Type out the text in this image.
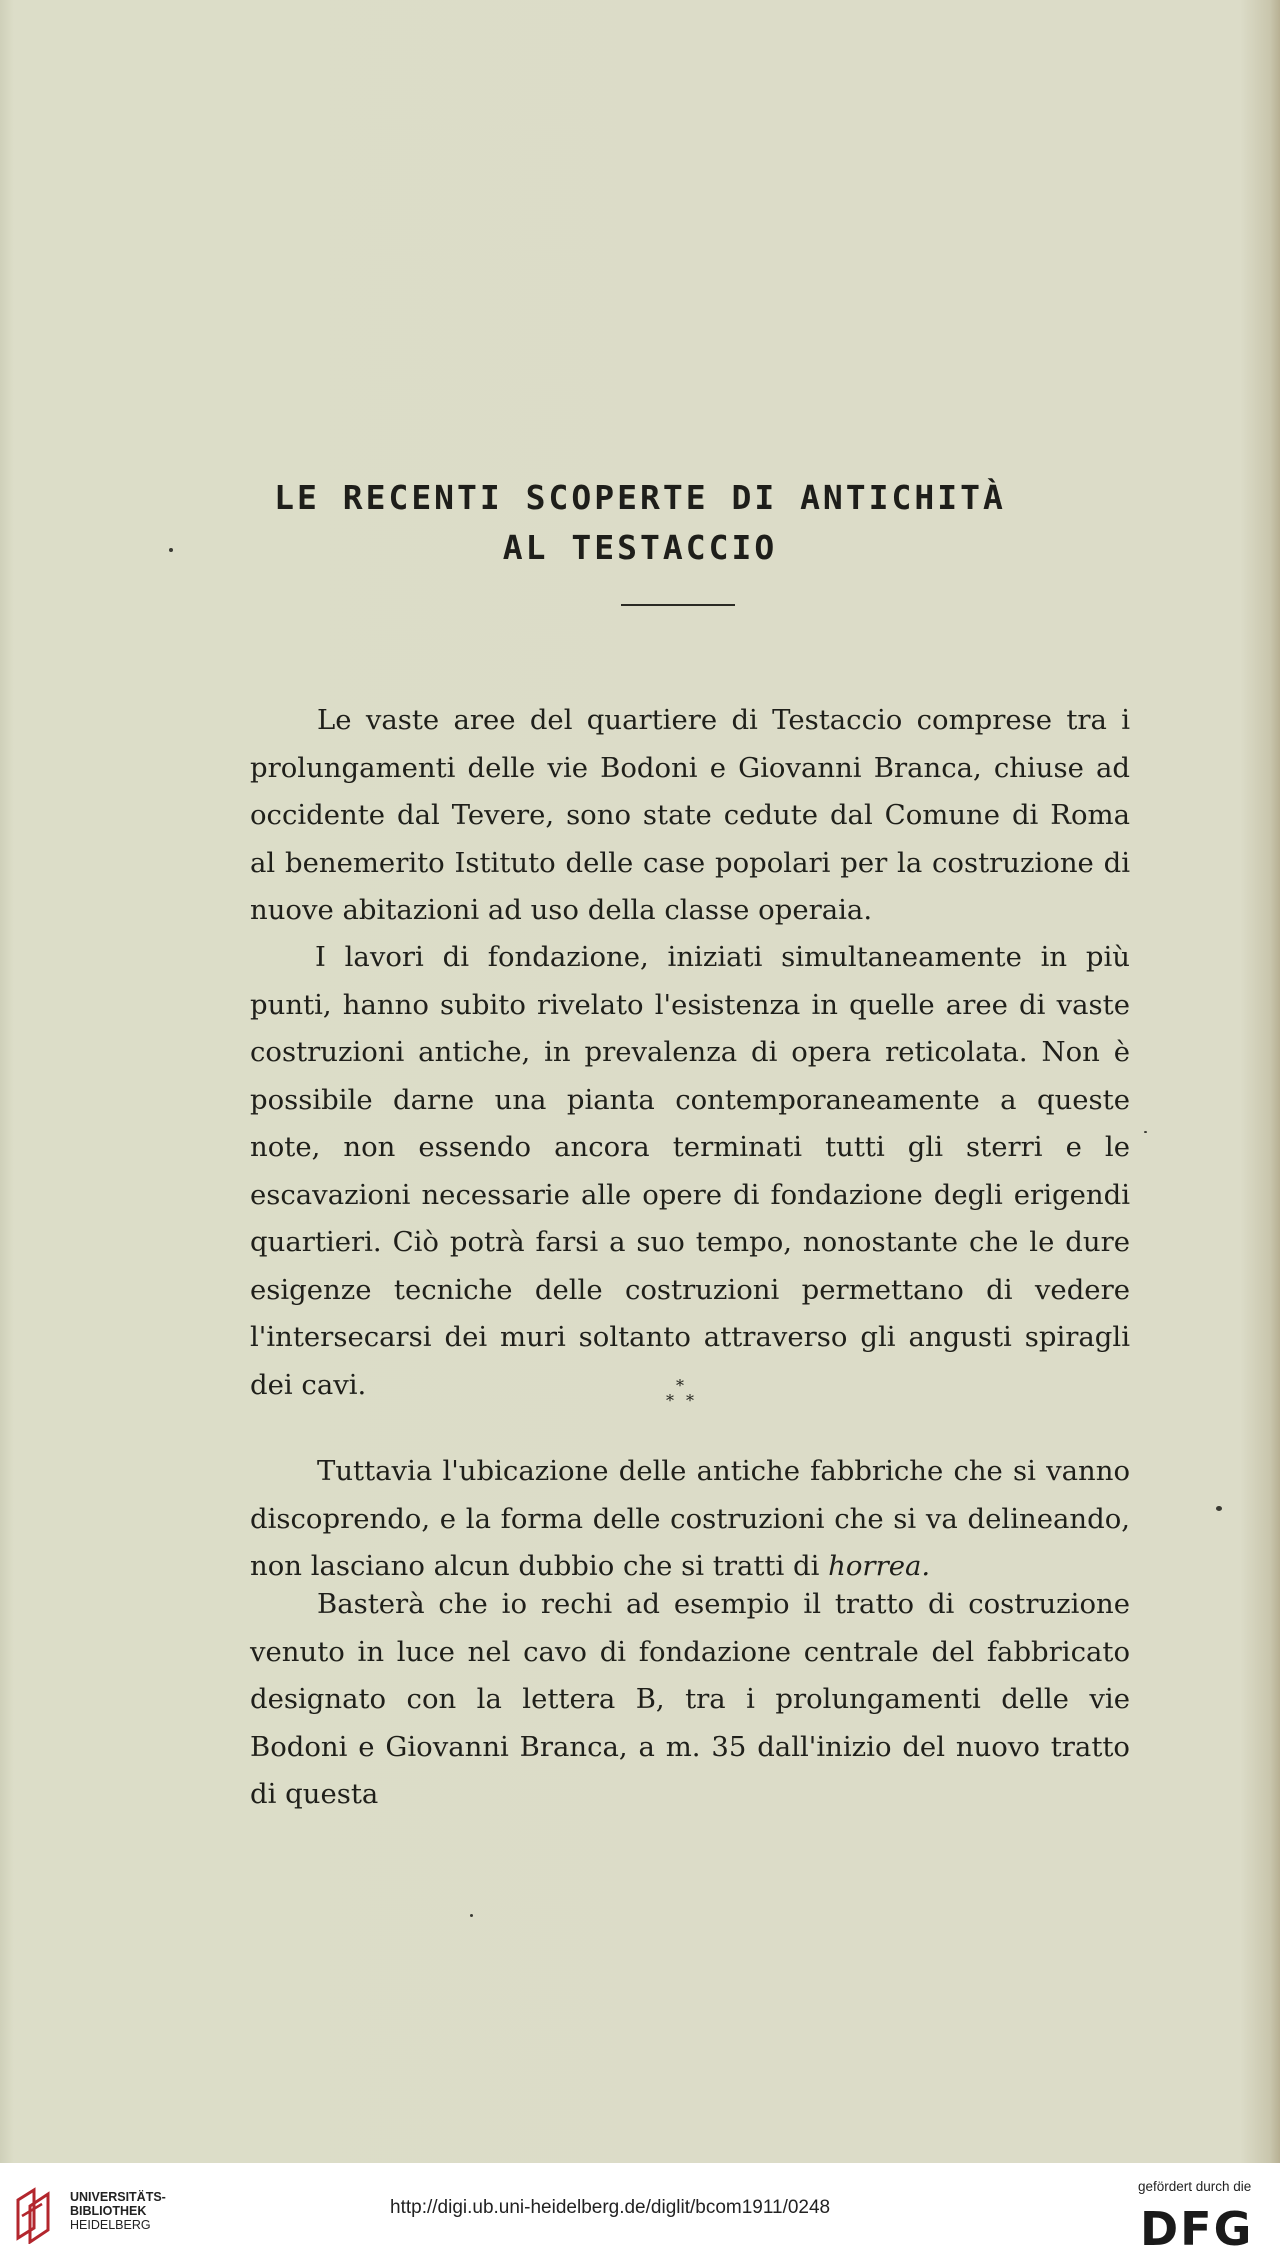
LE RECENTI SCOPERTE DI ANTICHITÀ
AL TESTACCIO

Le vaste aree del quartiere di Testaccio comprese tra i prolungamenti delle vie Bodoni e Giovanni Branca, chiuse ad occidente dal Tevere, sono state cedute dal Comune di Roma al benemerito Istituto delle case popolari per la costruzione di nuove abitazioni ad uso della classe operaia.

I lavori di fondazione, iniziati simultaneamente in più punti, hanno subito rivelato l'esistenza in quelle aree di vaste costruzioni antiche, in prevalenza di opera reticolata. Non è possibile darne una pianta contemporaneamente a queste note, non essendo ancora terminati tutti gli sterri e le escavazioni necessarie alle opere di fondazione degli erigendi quartieri. Ciò potrà farsi a suo tempo, nonostante che le dure esigenze tecniche delle costruzioni permettano di vedere l'intersecarsi dei muri soltanto attraverso gli angusti spiragli dei cavi.	*
* *

Tuttavia l'ubicazione delle antiche fabbriche che si vanno discoprendo, e la forma delle costruzioni che si va delineando, non lasciano alcun dubbio che si tratti di horrea.

Basterà che io rechi ad esempio il tratto di costruzione venuto in luce nel cavo di fondazione centrale del fabbricato designato con la lettera B, tra i prolungamenti delle vie Bodoni e Giovanni Branca, a m. 35 dall'inizio del nuovo tratto di questa

UNIVERSITÄTS-
BIBLIOTHEK
HEIDELBERG
http://digi.ub.uni-heidelberg.de/diglit/bcom1911/0248
gefördert durch die
DFG
